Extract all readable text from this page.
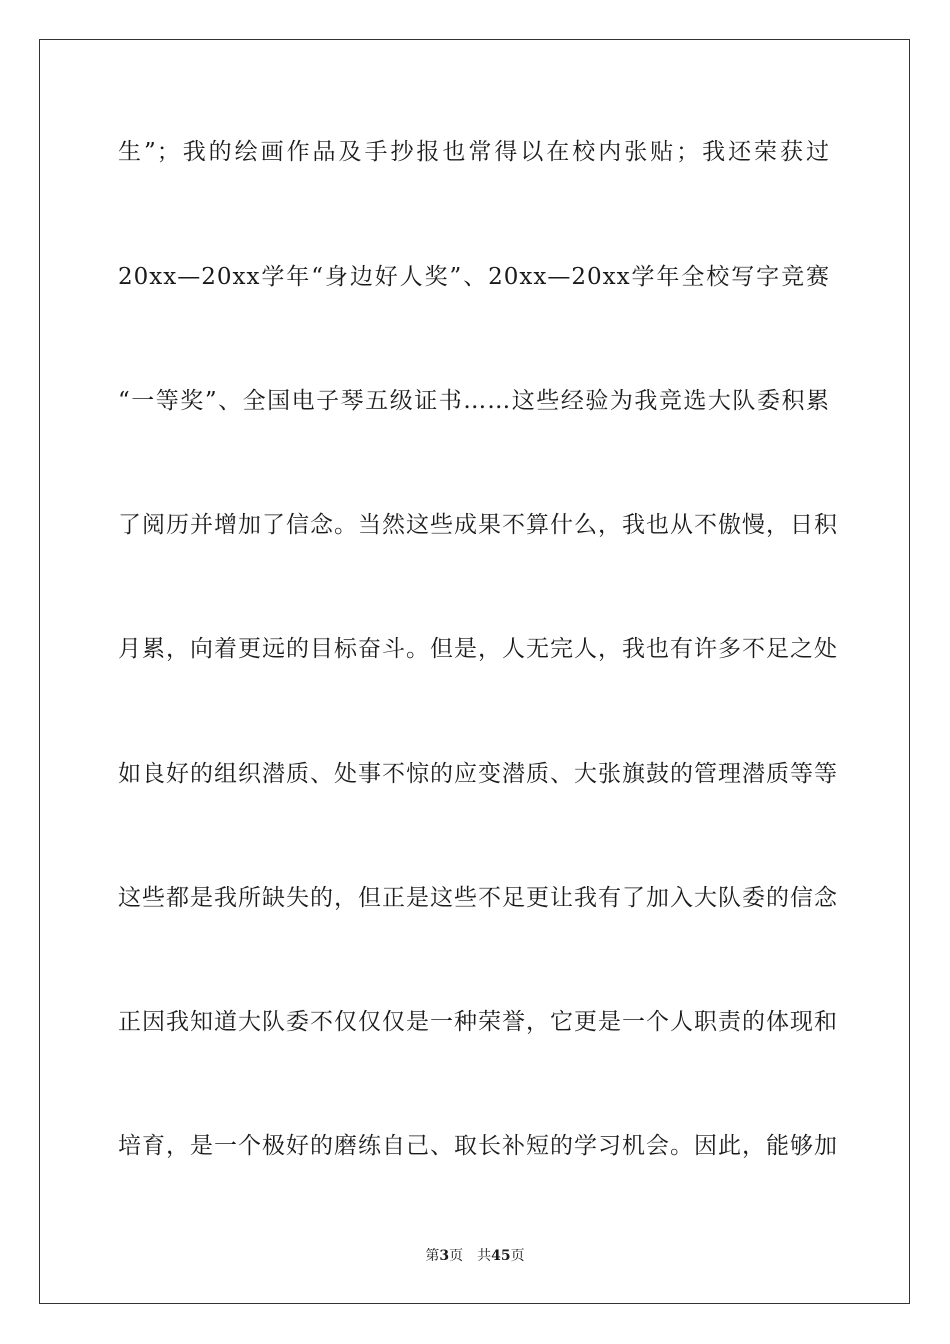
生”；我的绘画作品及手抄报也常得以在校内张贴；我还荣获过
20xx—20xx学年“身边好人奖”、20xx—20xx学年全校写字竞赛
“一等奖”、全国电子琴五级证书……这些经验为我竞选大队委积累
了阅历并增加了信念。当然这些成果不算什么，我也从不傲慢，日积
月累，向着更远的目标奋斗。但是，人无完人，我也有许多不足之处
如良好的组织潜质、处事不惊的应变潜质、大张旗鼓的管理潜质等等
这些都是我所缺失的，但正是这些不足更让我有了加入大队委的信念
正因我知道大队委不仅仅仅是一种荣誉，它更是一个人职责的体现和
培育，是一个极好的磨练自己、取长补短的学习机会。因此，能够加
第3页 共45页
